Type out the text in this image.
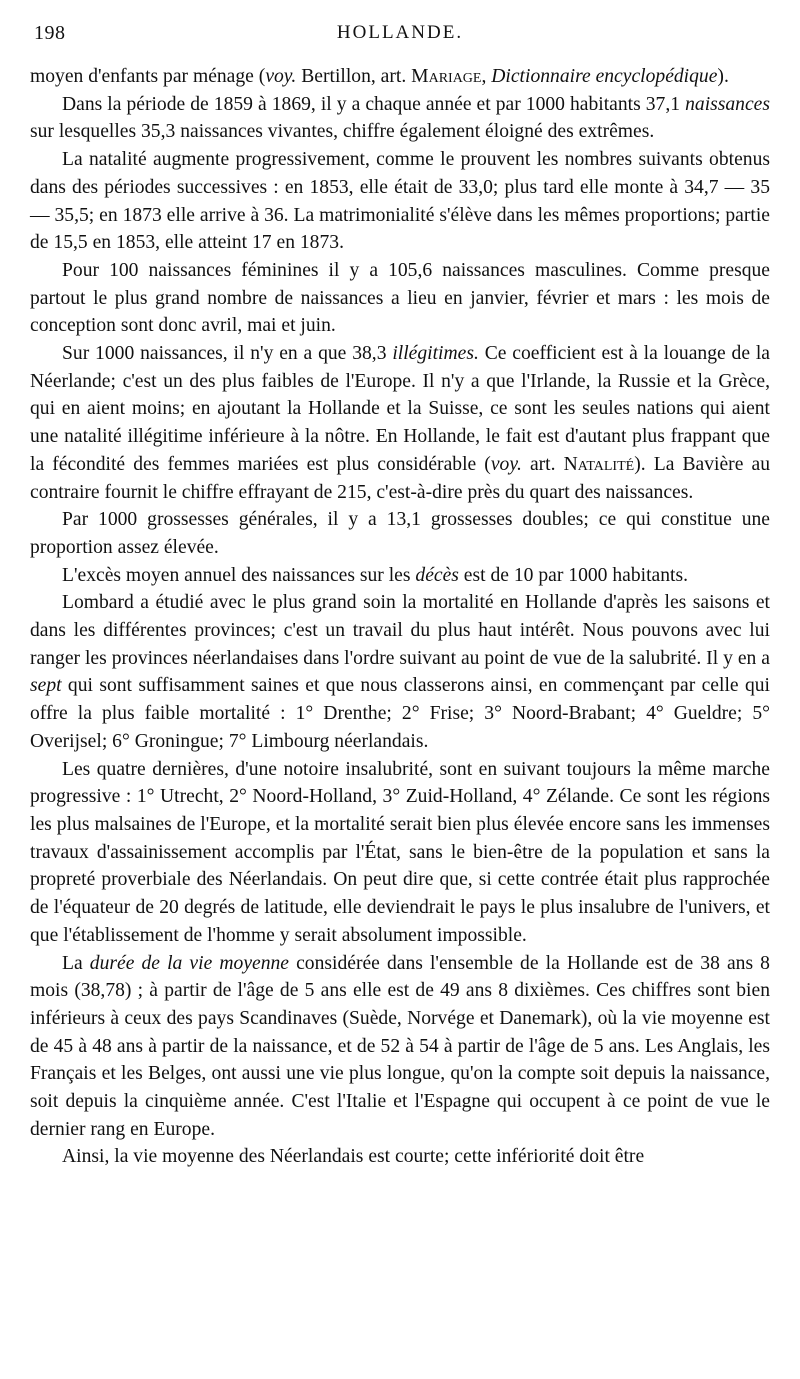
198	HOLLANDE.

moyen d'enfants par ménage (voy. Bertillon, art. Mariage, Dictionnaire encyclopédique).

Dans la période de 1859 à 1869, il y a chaque année et par 1000 habitants 37,1 naissances sur lesquelles 35,3 naissances vivantes, chiffre également éloigné des extrêmes.

La natalité augmente progressivement, comme le prouvent les nombres suivants obtenus dans des périodes successives : en 1853, elle était de 33,0; plus tard elle monte à 34,7 — 35 — 35,5; en 1873 elle arrive à 36. La matrimonialité s'élève dans les mêmes proportions; partie de 15,5 en 1853, elle atteint 17 en 1873.

Pour 100 naissances féminines il y a 105,6 naissances masculines. Comme presque partout le plus grand nombre de naissances a lieu en janvier, février et mars : les mois de conception sont donc avril, mai et juin.

Sur 1000 naissances, il n'y en a que 38,3 illégitimes. Ce coefficient est à la louange de la Néerlande; c'est un des plus faibles de l'Europe. Il n'y a que l'Irlande, la Russie et la Grèce, qui en aient moins; en ajoutant la Hollande et la Suisse, ce sont les seules nations qui aient une natalité illégitime inférieure à la nôtre. En Hollande, le fait est d'autant plus frappant que la fécondité des femmes mariées est plus considérable (voy. art. Natalité). La Bavière au contraire fournit le chiffre effrayant de 215, c'est-à-dire près du quart des naissances.

Par 1000 grossesses générales, il y a 13,1 grossesses doubles; ce qui constitue une proportion assez élevée.

L'excès moyen annuel des naissances sur les décès est de 10 par 1000 habitants.

Lombard a étudié avec le plus grand soin la mortalité en Hollande d'après les saisons et dans les différentes provinces; c'est un travail du plus haut intérêt. Nous pouvons avec lui ranger les provinces néerlandaises dans l'ordre suivant au point de vue de la salubrité. Il y en a sept qui sont suffisamment saines et que nous classerons ainsi, en commençant par celle qui offre la plus faible mortalité : 1° Drenthe; 2° Frise; 3° Noord-Brabant; 4° Gueldre; 5° Overijsel; 6° Groningue; 7° Limbourg néerlandais.

Les quatre dernières, d'une notoire insalubrité, sont en suivant toujours la même marche progressive : 1° Utrecht, 2° Noord-Holland, 3° Zuid-Holland, 4° Zélande. Ce sont les régions les plus malsaines de l'Europe, et la mortalité serait bien plus élevée encore sans les immenses travaux d'assainissement accomplis par l'État, sans le bien-être de la population et sans la propreté proverbiale des Néerlandais. On peut dire que, si cette contrée était plus rapprochée de l'équateur de 20 degrés de latitude, elle deviendrait le pays le plus insalubre de l'univers, et que l'établissement de l'homme y serait absolument impossible.

La durée de la vie moyenne considérée dans l'ensemble de la Hollande est de 38 ans 8 mois (38,78) ; à partir de l'âge de 5 ans elle est de 49 ans 8 dixièmes. Ces chiffres sont bien inférieurs à ceux des pays Scandinaves (Suède, Norvége et Danemark), où la vie moyenne est de 45 à 48 ans à partir de la naissance, et de 52 à 54 à partir de l'âge de 5 ans. Les Anglais, les Français et les Belges, ont aussi une vie plus longue, qu'on la compte soit depuis la naissance, soit depuis la cinquième année. C'est l'Italie et l'Espagne qui occupent à ce point de vue le dernier rang en Europe.

Ainsi, la vie moyenne des Néerlandais est courte; cette infériorité doit être
